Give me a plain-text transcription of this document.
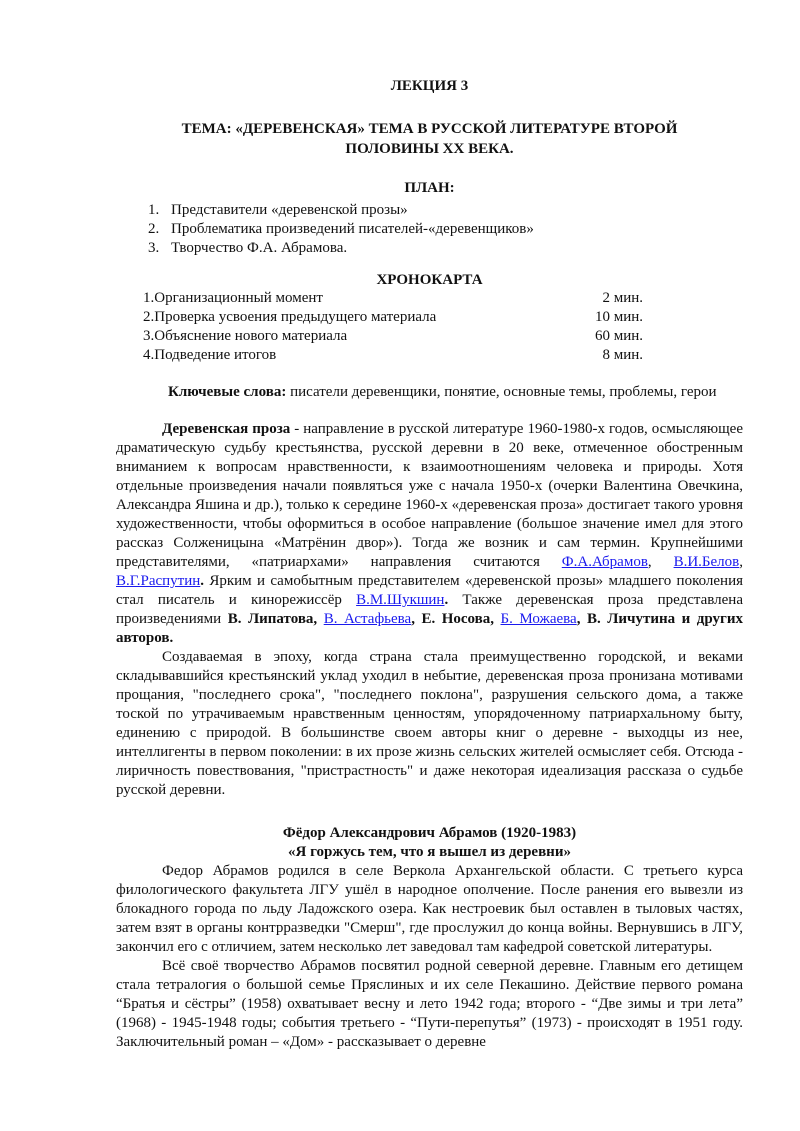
ЛЕКЦИЯ 3
ТЕМА: «ДЕРЕВЕНСКАЯ» ТЕМА В РУССКОЙ ЛИТЕРАТУРЕ ВТОРОЙ
ПОЛОВИНЫ XX ВЕКА.
ПЛАН:
1. Представители «деревенской прозы»
2. Проблематика произведений писателей-«деревенщиков»
3. Творчество Ф.А. Абрамова.
ХРОНОКАРТА
1.Организационный момент	2 мин.
2.Проверка усвоения предыдущего материала	10 мин.
3.Объяснение нового материала	60 мин.
4.Подведение итогов	8 мин.
Ключевые слова: писатели деревенщики, понятие, основные темы, проблемы, герои
Деревенская проза - направление в русской литературе 1960-1980-х годов, осмысляющее драматическую судьбу крестьянства, русской деревни в 20 веке, отмеченное обостренным вниманием к вопросам нравственности, к взаимоотношениям человека и природы. Хотя отдельные произведения начали появляться уже с начала 1950-х (очерки Валентина Овечкина, Александра Яшина и др.), только к середине 1960-х «деревенская проза» достигает такого уровня художественности, чтобы оформиться в особое направление (большое значение имел для этого рассказ Солженицына «Матрёнин двор»). Тогда же возник и сам термин. Крупнейшими представителями, «патриархами» направления считаются Ф.А.Абрамов, В.И.Белов, В.Г.Распутин. Ярким и самобытным представителем «деревенской прозы» младшего поколения стал писатель и кинорежиссёр В.М.Шукшин. Также деревенская проза представлена произведениями В. Липатова, В. Астафьева, Е. Носова, Б. Можаева, В. Личутина и других авторов.
Создаваемая в эпоху, когда страна стала преимущественно городской, и веками складывавшийся крестьянский уклад уходил в небытие, деревенская проза пронизана мотивами прощания, "последнего срока", "последнего поклона", разрушения сельского дома, а также тоской по утрачиваемым нравственным ценностям, упорядоченному патриархальному быту, единению с природой. В большинстве своем авторы книг о деревне - выходцы из нее, интеллигенты в первом поколении: в их прозе жизнь сельских жителей осмысляет себя. Отсюда - лиричность повествования, "пристрастность" и даже некоторая идеализация рассказа о судьбе русской деревни.
Фёдор Александрович Абрамов (1920-1983)
«Я горжусь тем, что я вышел из деревни»
Федор Абрамов родился в селе Веркола Архангельской области. С третьего курса филологического факультета ЛГУ ушёл в народное ополчение. После ранения его вывезли из блокадного города по льду Ладожского озера. Как нестроевик был оставлен в тыловых частях, затем взят в органы контрразведки "Смерш", где прослужил до конца войны. Вернувшись в ЛГУ, закончил его с отличием, затем несколько лет заведовал там кафедрой советской литературы.
Всё своё творчество Абрамов посвятил родной северной деревне. Главным его детищем стала тетралогия о большой семье Пряслиных и их селе Пекашино. Действие первого романа “Братья и сёстры” (1958) охватывает весну и лето 1942 года; второго - “Две зимы и три лета” (1968) - 1945-1948 годы; события третьего - “Пути-перепутья” (1973) - происходят в 1951 году. Заключительный роман – «Дом» - рассказывает о деревне
